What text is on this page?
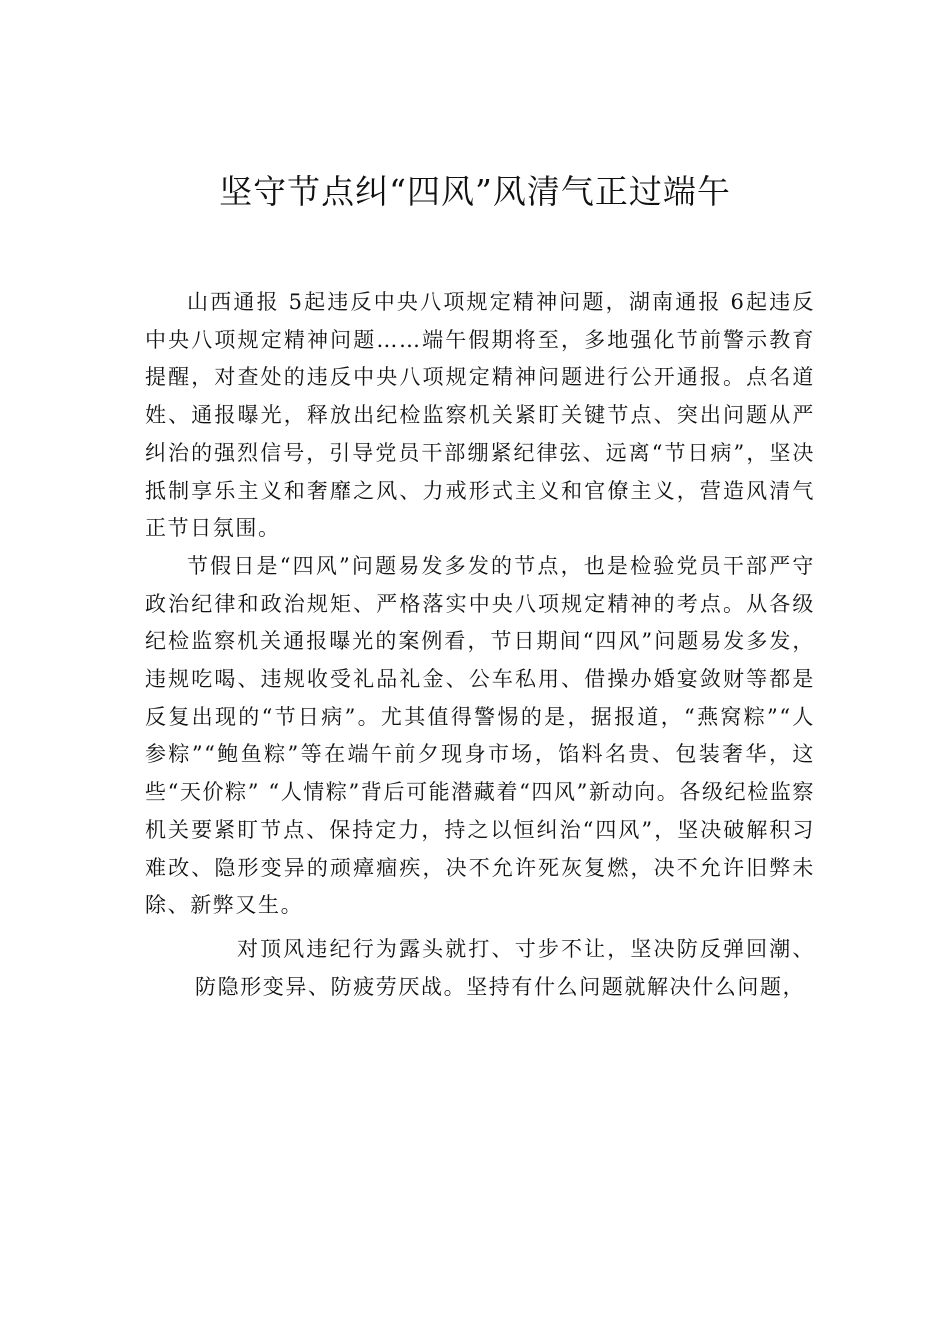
坚守节点纠“四风”风清气正过端午

山西通报 5起违反中央八项规定精神问题，湖南通报 6起违反中央八项规定精神问题……端午假期将至，多地强化节前警示教育提醒，对查处的违反中央八项规定精神问题进行公开通报。点名道姓、通报曝光，释放出纪检监察机关紧盯关键节点、突出问题从严纠治的强烈信号，引导党员干部绷紧纪律弦、远离“节日病”，坚决抵制享乐主义和奢靡之风、力戒形式主义和官僚主义，营造风清气正节日氛围。

节假日是“四风”问题易发多发的节点，也是检验党员干部严守政治纪律和政治规矩、严格落实中央八项规定精神的考点。从各级纪检监察机关通报曝光的案例看，节日期间“四风”问题易发多发，违规吃喝、违规收受礼品礼金、公车私用、借操办婚宴敛财等都是反复出现的“节日病”。尤其值得警惕的是，据报道，“燕窝粽”“人参粽”“鲍鱼粽”等在端午前夕现身市场，馅料名贵、包装奢华，这些“天价粽” “人情粽”背后可能潜藏着“四风”新动向。各级纪检监察机关要紧盯节点、保持定力，持之以恒纠治“四风”，坚决破解积习难改、隐形变异的顽瘴痼疾，决不允许死灰复燃，决不允许旧弊未除、新弊又生。

对顶风违纪行为露头就打、寸步不让，坚决防反弹回潮、防隐形变异、防疲劳厌战。坚持有什么问题就解决什么问题，
